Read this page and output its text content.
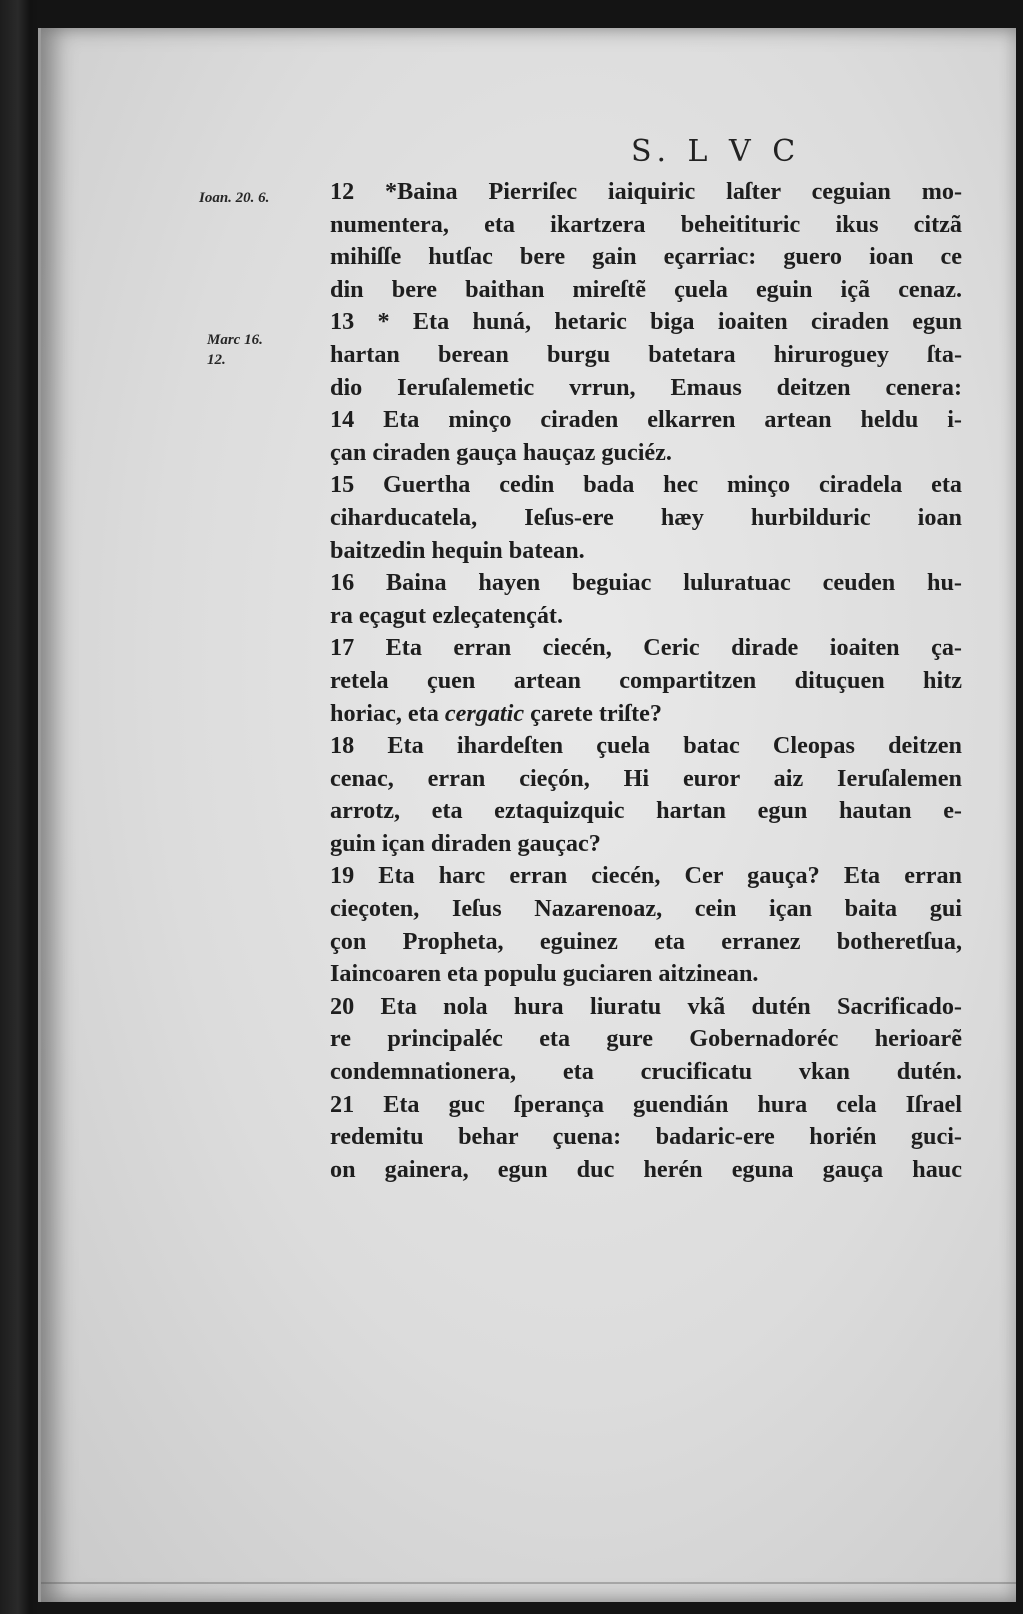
S. L V C
Ioan. 20. 6.
Marc 16.
12.
12 *Baina Pierriſec iaiquiric laſter ceguian mo-
numentera, eta ikartzera beheitituric ikus citzã
mihiſſe hutſac bere gain eçarriac: guero ioan ce
din bere baithan mireſtẽ çuela eguin içã cenaz.
13 * Eta huná, hetaric biga ioaiten ciraden egun
hartan berean burgu batetara hiruroguey ſta-
dio Ieruſalemetic vrrun, Emaus deitzen cenera:
14 Eta minço ciraden elkarren artean heldu i-
çan ciraden gauça hauçaz guciéz.
15 Guertha cedin bada hec minço ciradela eta
ciharducatela, Ieſus-ere hæy hurbilduric ioan
baitzedin hequin batean.
16 Baina hayen beguiac luluratuac ceuden hu-
ra eçagut ezleçatençát.
17 Eta erran ciecén, Ceric dirade ioaiten ça-
retela çuen artean compartitzen dituçuen hitz
horiac, eta cergatic çarete triſte?
18 Eta ihardeſten çuela batac Cleopas deitzen
cenac, erran cieçón, Hi euror aiz Ieruſalemen
arrotz, eta eztaquizquic hartan egun hautan e-
guin içan diraden gauçac?
19 Eta harc erran ciecén, Cer gauça? Eta erran
cieçoten, Ieſus Nazarenoaz, cein içan baita gui
çon Propheta, eguinez eta erranez botheretſua,
Iaincoaren eta populu guciaren aitzinean.
20 Eta nola hura liuratu vkã dutén Sacrificado-
re principaléc eta gure Gobernadoréc herioarẽ
condemnationera, eta crucificatu vkan dutén.
21 Eta guc ſperança guendián hura cela Iſrael
redemitu behar çuena: badaric-ere horién guci-
on gainera, egun duc herén eguna gauça hauc
